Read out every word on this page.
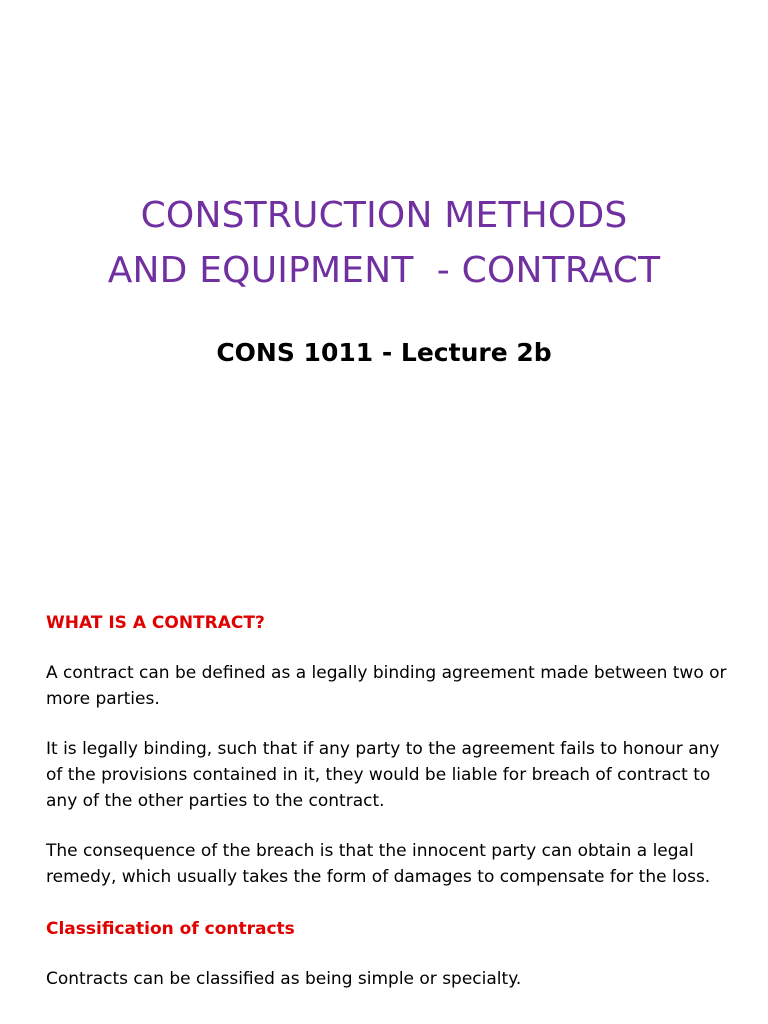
CONSTRUCTION METHODS
AND EQUIPMENT  - CONTRACT
CONS 1011 - Lecture 2b

WHAT IS A CONTRACT?

A contract can be defined as a legally binding agreement made between two or more parties.

It is legally binding, such that if any party to the agreement fails to honour any of the provisions contained in it, they would be liable for breach of contract to any of the other parties to the contract.

The consequence of the breach is that the innocent party can obtain a legal remedy, which usually takes the form of damages to compensate for the loss.

Classification of contracts

Contracts can be classified as being simple or specialty.
